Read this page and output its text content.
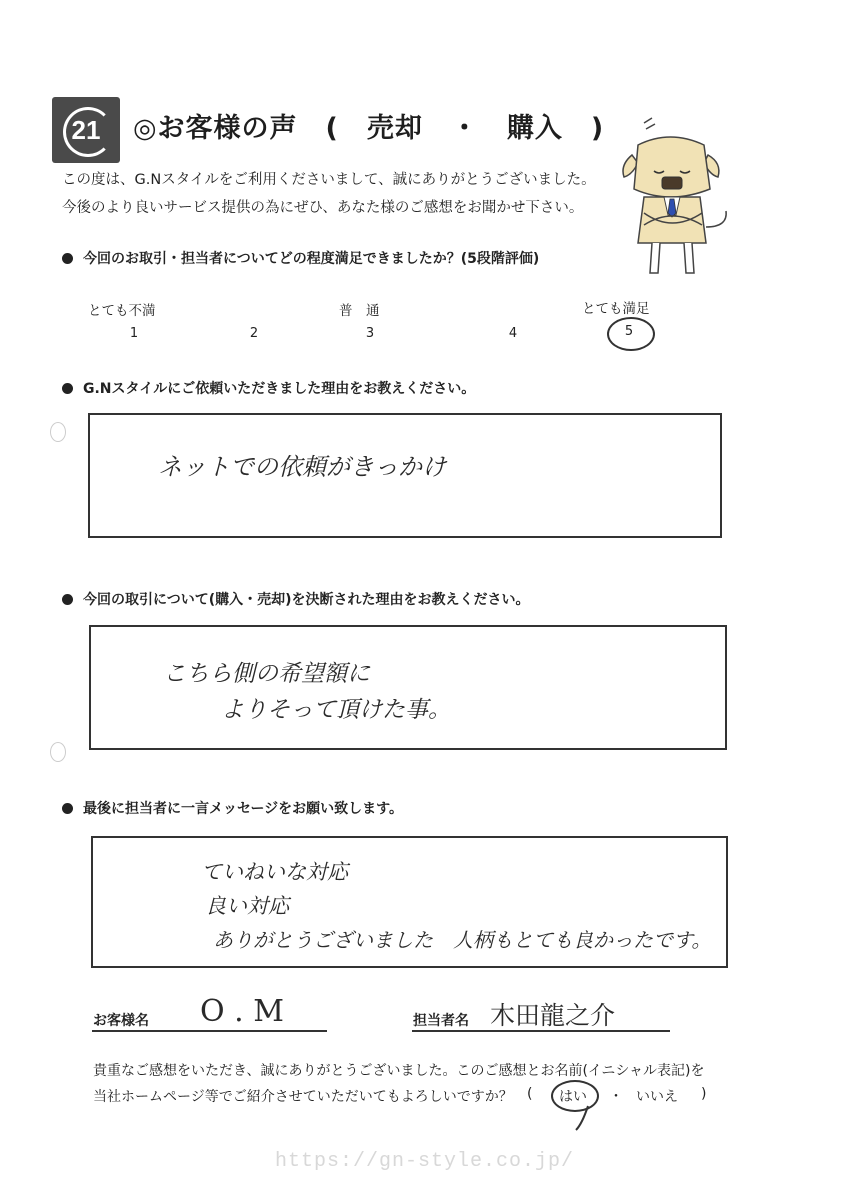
21	◎お客様の声　(　売却　・　購入　)
この度は、G.Nスタイルをご利用くださいまして、誠にありがとうございました。
今後のより良いサービス提供の為にぜひ、あなた様のご感想をお聞かせ下さい。
今回のお取引・担当者についてどの程度満足できましたか？(5段階評価)
とても不満	普　通	とても満足
1	2	3	4	5
G.Nスタイルにご依頼いただきました理由をお教えください。
ネットでの依頼がきっかけ
今回の取引について(購入・売却)を決断された理由をお教えください。
こちら側の希望額に
よりそって頂けた事。
最後に担当者に一言メッセージをお願い致します。
ていねいな対応
良い対応
ありがとうございました　人柄もとても良かったです。
お客様名 O . M	担当者名 木田龍之介
貴重なご感想をいただき、誠にありがとうございました。このご感想とお名前(イニシャル表記)を
当社ホームページ等でご紹介させていただいてもよろしいですか？ ( はい ・ いいえ )
https://gn-style.co.jp/
